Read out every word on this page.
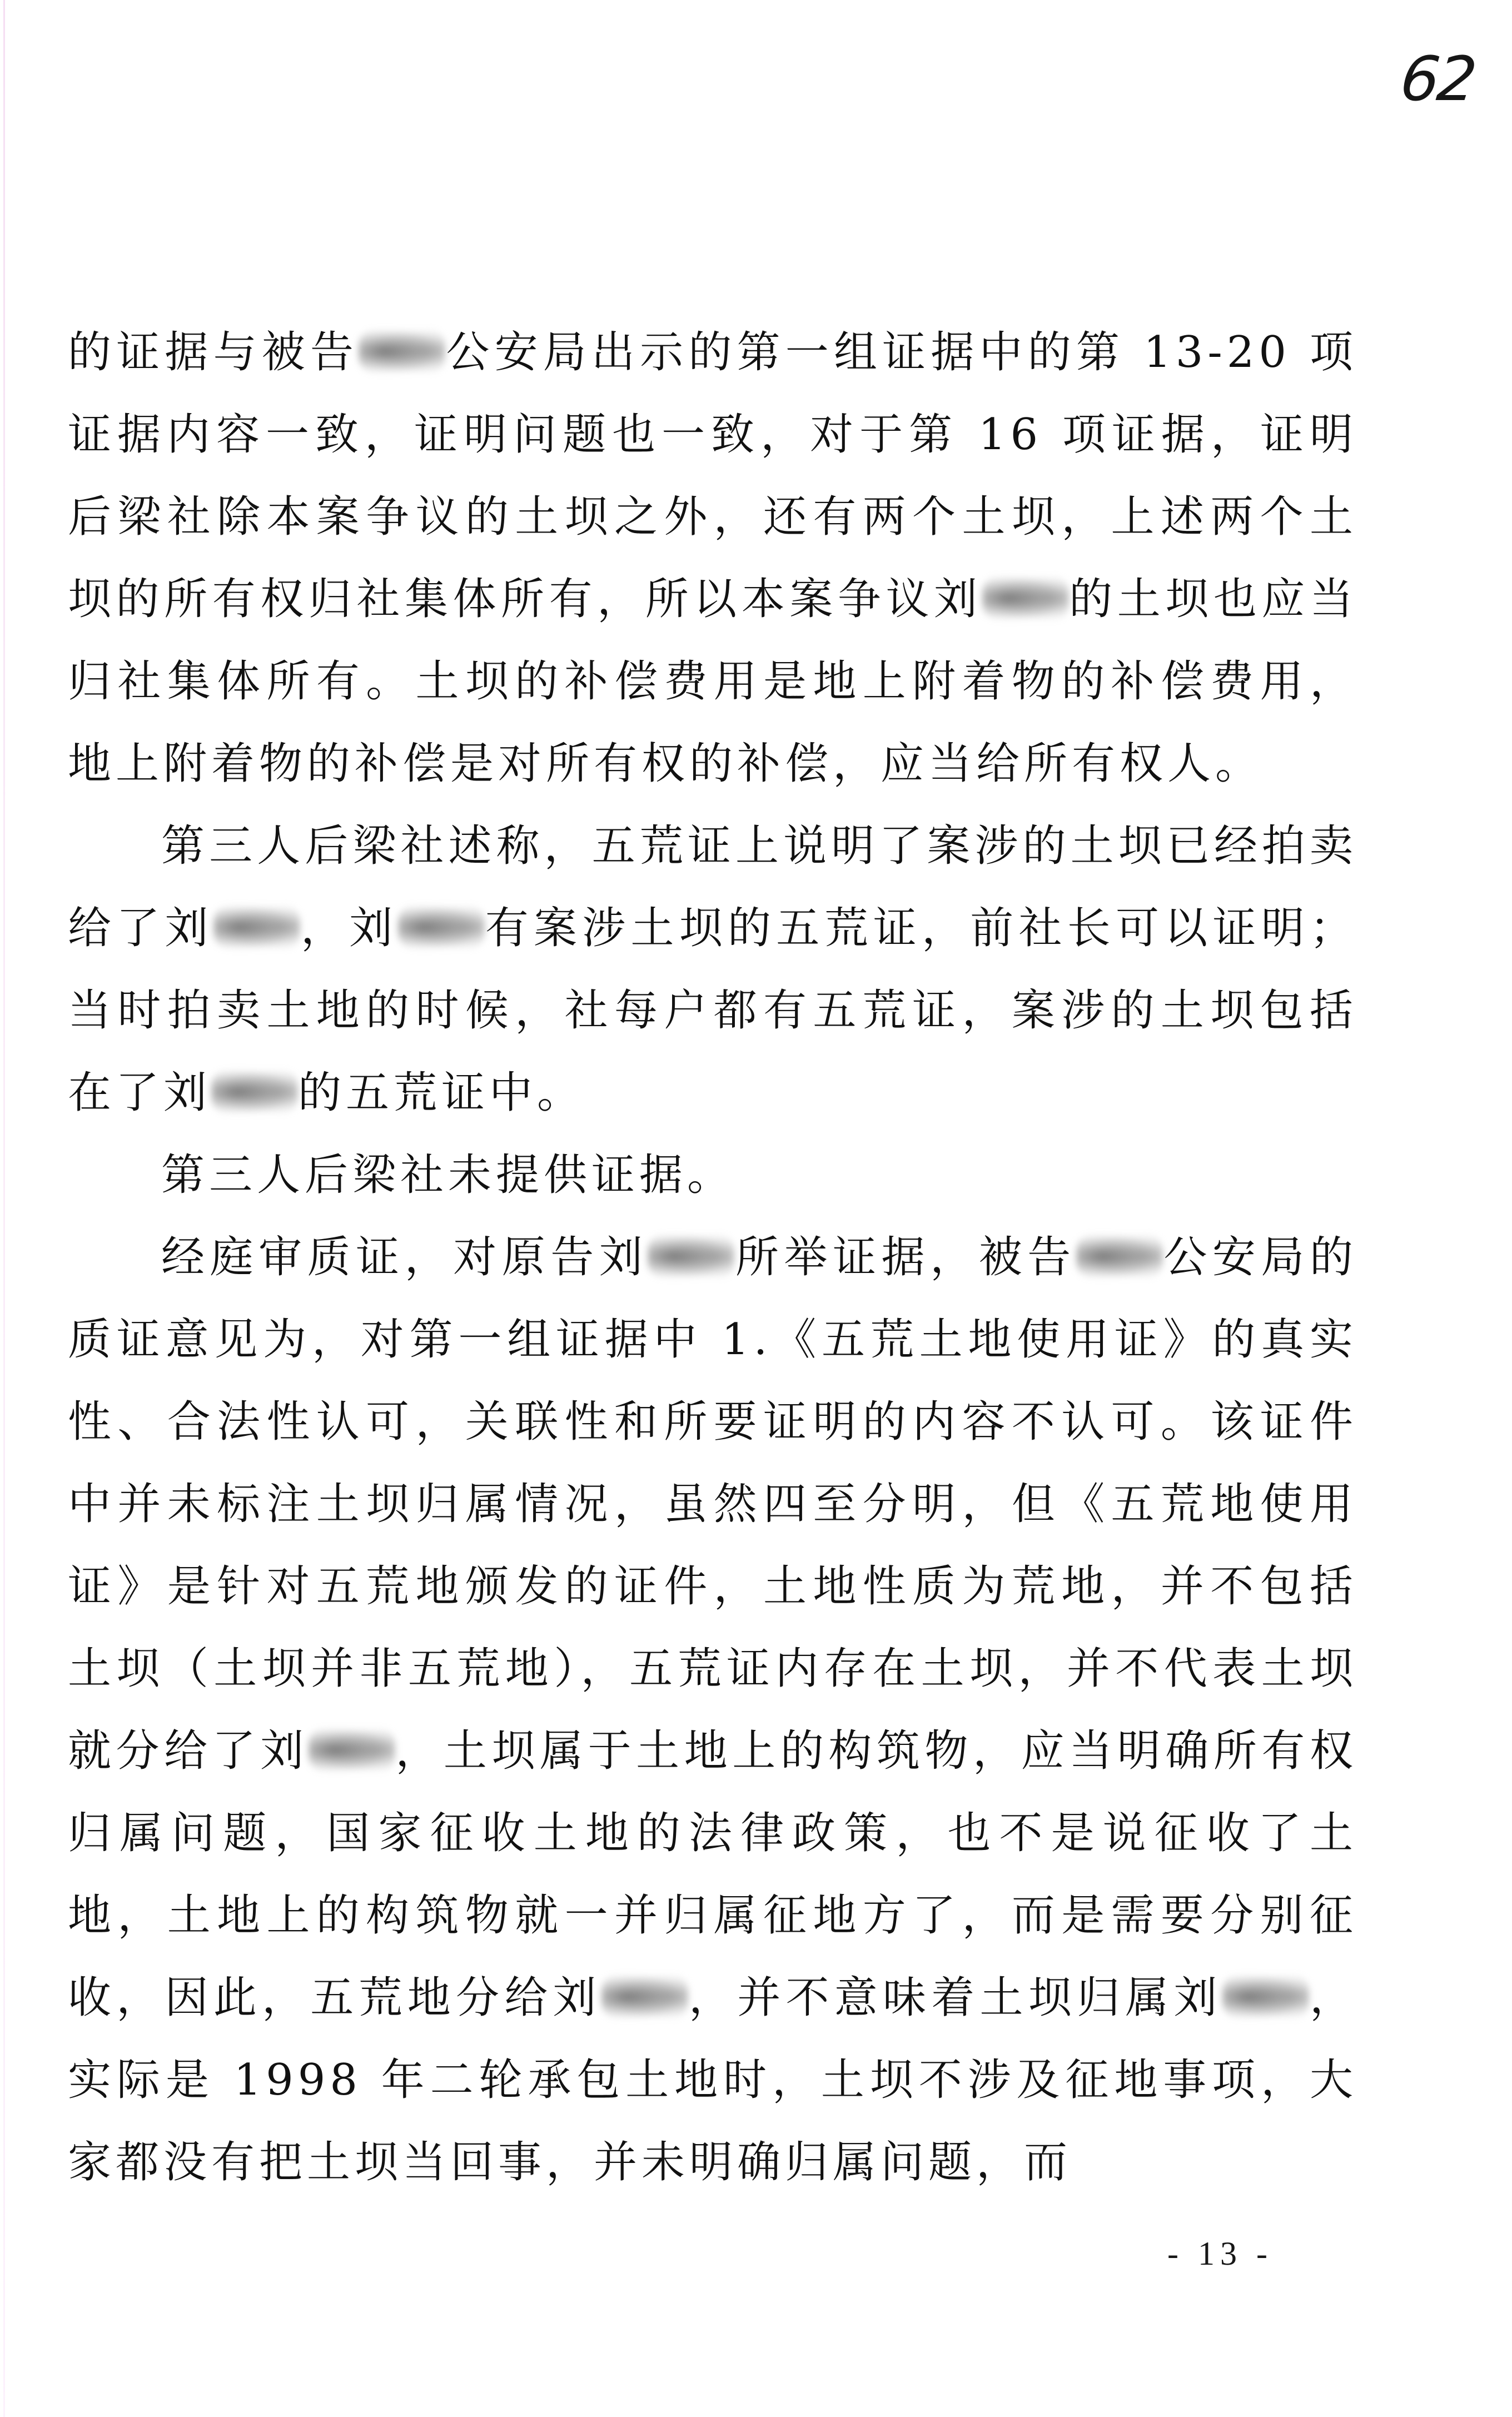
62

的证据与被告 公安局出示的第一组证据中的第 13-20 项证据内容一致，证明问题也一致，对于第 16 项证据，证明后梁社除本案争议的土坝之外，还有两个土坝，上述两个土坝的所有权归社集体所有，所以本案争议刘 的土坝也应当归社集体所有。土坝的补偿费用是地上附着物的补偿费用，地上附着物的补偿是对所有权的补偿，应当给所有权人。

第三人后梁社述称，五荒证上说明了案涉的土坝已经拍卖给了刘 ，刘 有案涉土坝的五荒证，前社长可以证明；当时拍卖土地的时候，社每户都有五荒证，案涉的土坝包括在了刘 的五荒证中。

第三人后梁社未提供证据。

经庭审质证，对原告刘 所举证据，被告 公安局的质证意见为，对第一组证据中 1.《五荒土地使用证》的真实性、合法性认可，关联性和所要证明的内容不认可。该证件中并未标注土坝归属情况，虽然四至分明，但《五荒地使用证》是针对五荒地颁发的证件，土地性质为荒地，并不包括土坝（土坝并非五荒地），五荒证内存在土坝，并不代表土坝就分给了刘 ，土坝属于土地上的构筑物，应当明确所有权归属问题，国家征收土地的法律政策，也不是说征收了土地，土地上的构筑物就一并归属征地方了，而是需要分别征收，因此，五荒地分给刘 ，并不意味着土坝归属刘 ，实际是 1998 年二轮承包土地时，土坝不涉及征地事项，大家都没有把土坝当回事，并未明确归属问题，而

- 13 -
